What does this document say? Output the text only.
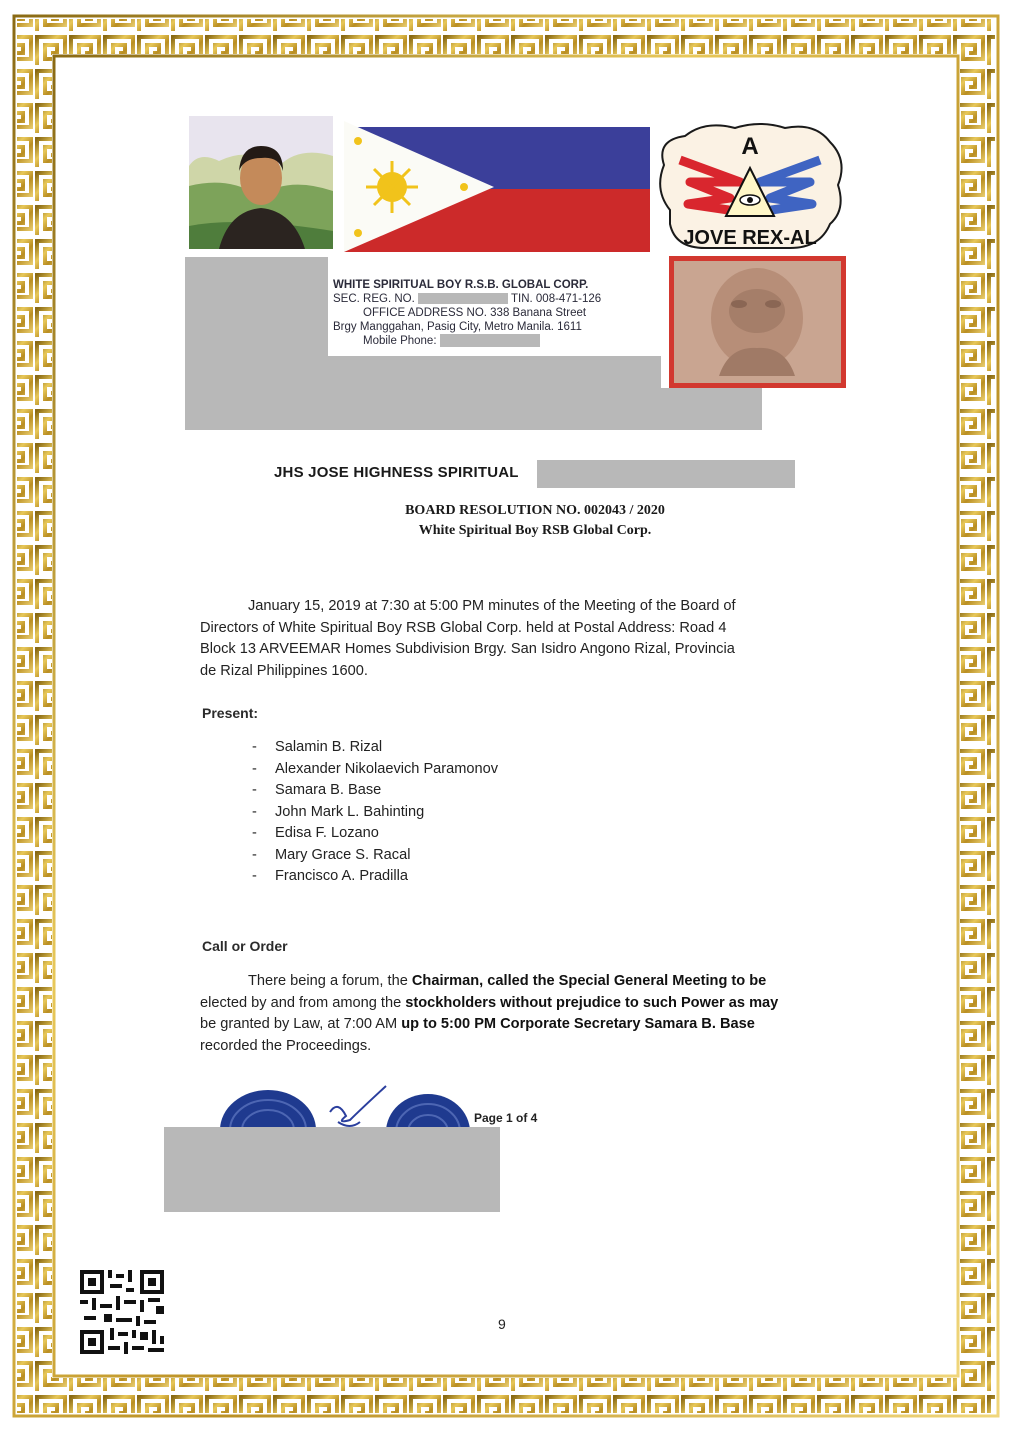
A
JOVE REX-AL
WHITE SPIRITUAL BOY R.S.B. GLOBAL CORP.
SEC. REG. NO.	TIN. 008-471-126
OFFICE ADDRESS NO. 338 Banana Street
Brgy Manggahan, Pasig City, Metro Manila. 1611
Mobile Phone:
JHS JOSE HIGHNESS SPIRITUAL
BOARD RESOLUTION NO. 002043 / 2020
White Spiritual Boy RSB Global Corp.
January 15, 2019 at 7:30 at 5:00 PM minutes of the Meeting of the Board of
Directors of White Spiritual Boy RSB Global Corp. held at Postal Address: Road 4
Block 13 ARVEEMAR Homes Subdivision Brgy. San Isidro Angono Rizal, Provincia
de Rizal Philippines 1600.
Present:
-	Salamin B. Rizal
-	Alexander Nikolaevich Paramonov
-	Samara B. Base
-	John Mark L. Bahinting
-	Edisa F. Lozano
-	Mary Grace S. Racal
-	Francisco A. Pradilla
Call or Order
There being a forum, the Chairman, called the Special General Meeting to be
elected by and from among the stockholders without prejudice to such Power as may
be granted by Law, at 7:00 AM up to 5:00 PM Corporate Secretary Samara B. Base
recorded the Proceedings.
Page 1 of 4
9
